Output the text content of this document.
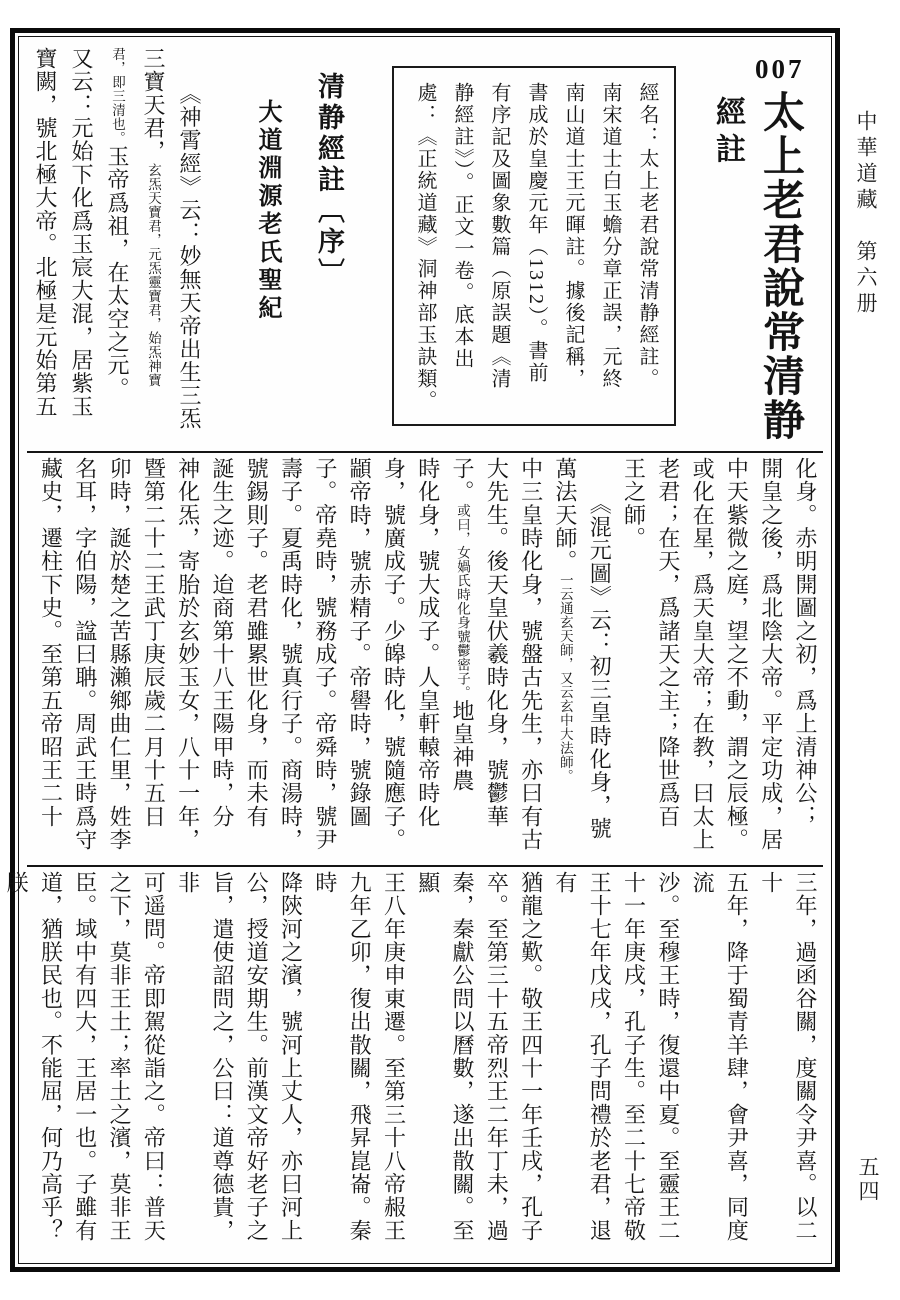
中華道藏　第六册
五四
007
太上老君說常清静
經註
經名：太上老君說常清静經註。
南宋道士白玉蟾分章正誤，元終
南山道士王元暉註。據後記稱，
書成於皇慶元年（1312）。書前
有序記及圖象數篇（原誤題《清
静經註》）。正文一卷。底本出
處：《正統道藏》洞神部玉訣類。
清静經註〔序〕
大道淵源老氏聖紀
　　《神霄經》云：妙無天帝出生三炁
三寶天君，玄炁天寶君，元炁靈寶君，始炁神寶
君，即三清也。玉帝爲祖，在太空之元。
又云：元始下化爲玉宸大混，居紫玉
寶闕，號北極大帝。北極是元始第五
化身。赤明開圖之初，爲上清神公；
開皇之後，爲北陰大帝。平定功成，居
中天紫微之庭，望之不動，謂之辰極。
或化在星，爲天皇大帝；在教，曰太上
老君；在天，爲諸天之主；降世爲百
王之師。
　　《混元圖》云：初三皇時化身，號
萬法天師。一云通玄天師，又云玄中大法師。
中三皇時化身，號盤古先生，亦曰有古
大先生。後天皇伏羲時化身，號鬱華
子。或曰，女媧氏時化身號鬱密子。地皇神農
時化身，號大成子。人皇軒轅帝時化
身，號廣成子。少皞時化，號隨應子。
顓帝時，號赤精子。帝嚳時，號錄圖
子。帝堯時，號務成子。帝舜時，號尹
壽子。夏禹時化，號真行子。商湯時，
號錫則子。老君雖累世化身，而未有
誕生之迹。迨商第十八王陽甲時，分
神化炁，寄胎於玄妙玉女，八十一年，
暨第二十二王武丁庚辰歲二月十五日
卯時，誕於楚之苦縣瀨鄉曲仁里，姓李
名耳，字伯陽，諡曰聃。周武王時爲守
藏史，遷柱下史。至第五帝昭王二十
三年，過函谷關，度關令尹喜。以二十
五年，降于蜀青羊肆，會尹喜，同度流
沙。至穆王時，復還中夏。至靈王二
十一年庚戌，孔子生。至二十七帝敬
王十七年戊戌，孔子問禮於老君，退有
猶龍之歎。敬王四十一年壬戌，孔子
卒。至第三十五帝烈王二年丁未，過
秦，秦獻公問以曆數，遂出散關。至顯
王八年庚申東遷。至第三十八帝赧王
九年乙卯，復出散關，飛昇崑崙。秦時
降陝河之濱，號河上丈人，亦曰河上
公，授道安期生。前漢文帝好老子之
旨，遣使詔問之，公曰：道尊德貴，非
可遥問。帝即駕從詣之。帝曰：普天
之下，莫非王土；率土之濱，莫非王
臣。域中有四大，王居一也。子雖有
道，猶朕民也。不能屈，何乃高乎？朕
